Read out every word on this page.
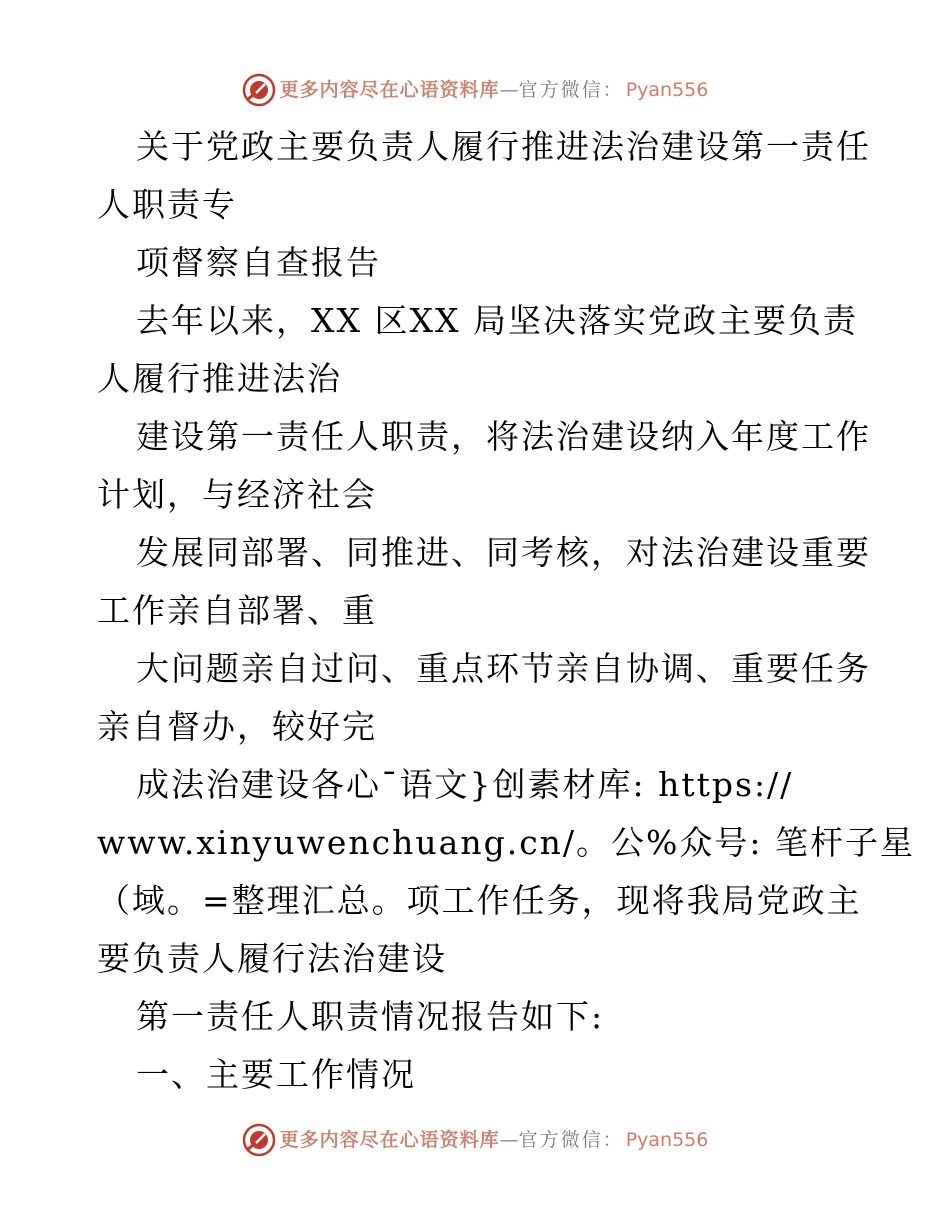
更多内容尽在心语资料库 — 官方微信： Pyan556
关于党政主要负责人履行推进法治建设第一责任
人职责专
项督察自查报告
去年以来，XX 区XX 局坚决落实党政主要负责
人履行推进法治
建设第一责任人职责，将法治建设纳入年度工作
计划，与经济社会
发展同部署、同推进、同考核，对法治建设重要
工作亲自部署、重
大问题亲自过问、重点环节亲自协调、重要任务
亲自督办，较好完
成法治建设各心¯语文}创素材库: https://
www.xinyuwenchuang.cn/。公%众号: 笔杆子星
（域。=整理汇总。项工作任务，现将我局党政主
要负责人履行法治建设
第一责任人职责情况报告如下:
一、主要工作情况
更多内容尽在心语资料库 — 官方微信： Pyan556
